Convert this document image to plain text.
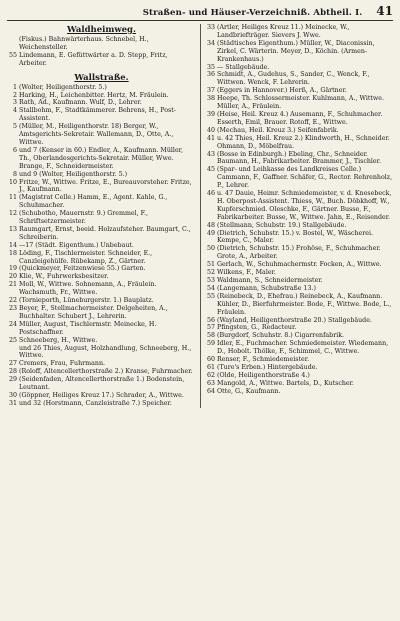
Straßen- und Häuser-Verzeichniß. Abtheil. I. 41
Waldheimweg.
(Fiskus.) Bahnwärterhaus. Schnebel, H., Weichensteller.
55 Lindemann, E. Gefüttwärter a. D. Stepp, Fritz, Arbeiter.
Wallstraße.
1 (Wolter, Heiligenthorstr. 5.)
2 Harking, H., Leichenbitter. Hertz, M. Fräulein.
3 Rath, Ad., Kaufmann. Wulf, D., Lehrer.
4 Stallbohm, F., Stadtkämmerer. Behrens, H., Post-Assistent.
5 (Müller, M., Heiligenthorstr. 18) Berger, W., Amtsgerichts-Sekretair. Wallemann, D., Otte, A., Wittwe.
6 und 7 (Kenser in 60.) Endler, A., Kaufmann. Müller, Th., Oberlandesgerichts-Sekretair. Müller, Wwe. Brange, F., Schneidermeister.
8 und 9 (Wolter, Heiligenthorstr. 5.)
10 Fritze, W., Wittwe. Fritze, E., Bureauvorsteher. Fritze, J., Kaufmann.
11 (Magistrat Celle.) Hamm, E., Agent. Kahle, G., Schuhmacher.
12 (Schubotho, Mauernstr. 9.) Gremmel, F., Schriftsetzermeister.
13 Raumgart, Ernst, beeid. Holzaufsteher. Baumgart, C., Schreiberin.
14 —17 (Städt. Eigenthum.) Unbebaut.
18 Löding, F., Tischlermeister. Schneider, E., Canzleigehülfe. Rübekamp, Z., Gärtner.
19 (Quickmeyer, Feitzenwiese 55.) Garten.
20 Klie, W., Fuhrwerksbesitzer.
21 Moll, W., Wittwe. Sohnemann, A., Fräulein. Wachsmuth, Fr., Wittwe.
22 (Tornieporth, Lüneburgerstr. 1.) Bauplatz.
23 Beyer, F., Stellmachermeister. Delgeheiten, A., Buchhalter. Schubert J., Lehrerin.
24 Müller, August, Tischlermstr. Meinecke, H. Postschaffner.
25 Schneeberg, H., Wittwe.
und 26 Thies, August, Holzhandlung, Schneeberg, H., Wittwe.
27 Cremers, Frau, Fuhrmann.
28 (Roloff, Altencellerthorstraße 2.) Kranse, Fuhrmacher.
29 (Seidenfaden, Altencellerthorstraße 1.) Bodenstein, Leutnant.
30 (Göppner, Heiliges Kreuz 17.) Schrader, A., Wittwe.
31 und 32 (Horstmann, Canzleistraße 7.) Speicher.
33 (Artler, Heiliges Kreuz 11.) Meinecke, W., Landbriefträger. Sievers J. Wwe.
34 (Städtisches Eigenthum.) Müller, W., Diaconissin, Zirkel, C. Wärterin. Meyer, D., Köchin. (Armen-Krankenhaus.)
35 — Stallgebäude.
36 Schmidt, A., Gudehus, S., Sander, C., Wenck, F., Wittwen. Wenck, F. Lehrerin.
37 (Eggers in Hannover.) Herß, A., Gärtner.
38 Heepe, Th. Schlossermeister. Kuhlmann, A., Wittwe. Müller, A., Fräulein.
39 (Heise, Heil. Kreuz 4.) Ausemann, F., Schuhmacher. Esserth, Emil, Brauer. Rotoff, E., Wittwe.
40 (Mechau, Heil. Kreuz 3.) Seifenfabrik.
41 u. 42 Thies, Heil. Kreuz 2.) Klindworth, H., Schneider. Ohmann, D., Möbelfrau.
43 (Bosse in Edinburgh.) Ebeling, Chr., Schneider. Baumann, H., Fabrikarbeiter. Brammer, J., Tischler.
45 (Spar- und Leihkasse des Landkreises Celle.) Cammann, F., Gaffner. Schäfer, G., Rector. Rehrenholz, P., Lehrer.
46 u. 47 Dauie, Heimr. Schmiedemeister, v. d. Knesebeck, H. Oberpost-Assistent. Thiess, W., Buch. Döbkhoff, W., Kupferschmied. Oleschke, F., Gärtner. Busse, F., Fabrikarbeiter. Busse, W., Wittwe. Jahn, E., Reisender.
48 (Stellmann, Schubstr. 19.) Stallgebäude.
49 (Dietrich, Schubstr. 15.) v. Bostel, W., Wäscherei. Kempe, C., Maler.
50 (Dietrich, Schubstr. 15.) Frohöse, F., Schuhmacher. Grote, A., Arbeiter.
51 Gerlach, W., Schuhmachermstr. Focken, A., Wittwe.
52 Wilkens, F., Maler.
53 Waldmann, S., Schneidermeister.
54 (Langemann, Schubstraße 13.)
55 (Reinebeck, D., Ehefrau.) Reinebeck, A., Kaufmann. Kühler, D., Bierfuhrmeister. Bode, F., Wittwe. Bode, L., Fräulein.
56 (Wayland, Heiligenthorstraße 20.) Stallgebäude.
57 Pfingsten, G., Redacteur.
58 (Burgdorf, Schuhstr. 8.) Cigarrenfabrik.
59 Idler, E., Fuchmacher. Schmiedemeister. Wiedemann, D., Hobolt. Thölke, F., Schimmel, C., Wittwe.
60 Renser, F., Schmiedemeister.
61 (Ture's Erben.) Hintergebäude.
62 (Olde, Heiligenthorstraße 4.)
63 Mangold, A., Wittwe. Bartels, D., Kutscher.
64 Otte, G., Kaufmann.
